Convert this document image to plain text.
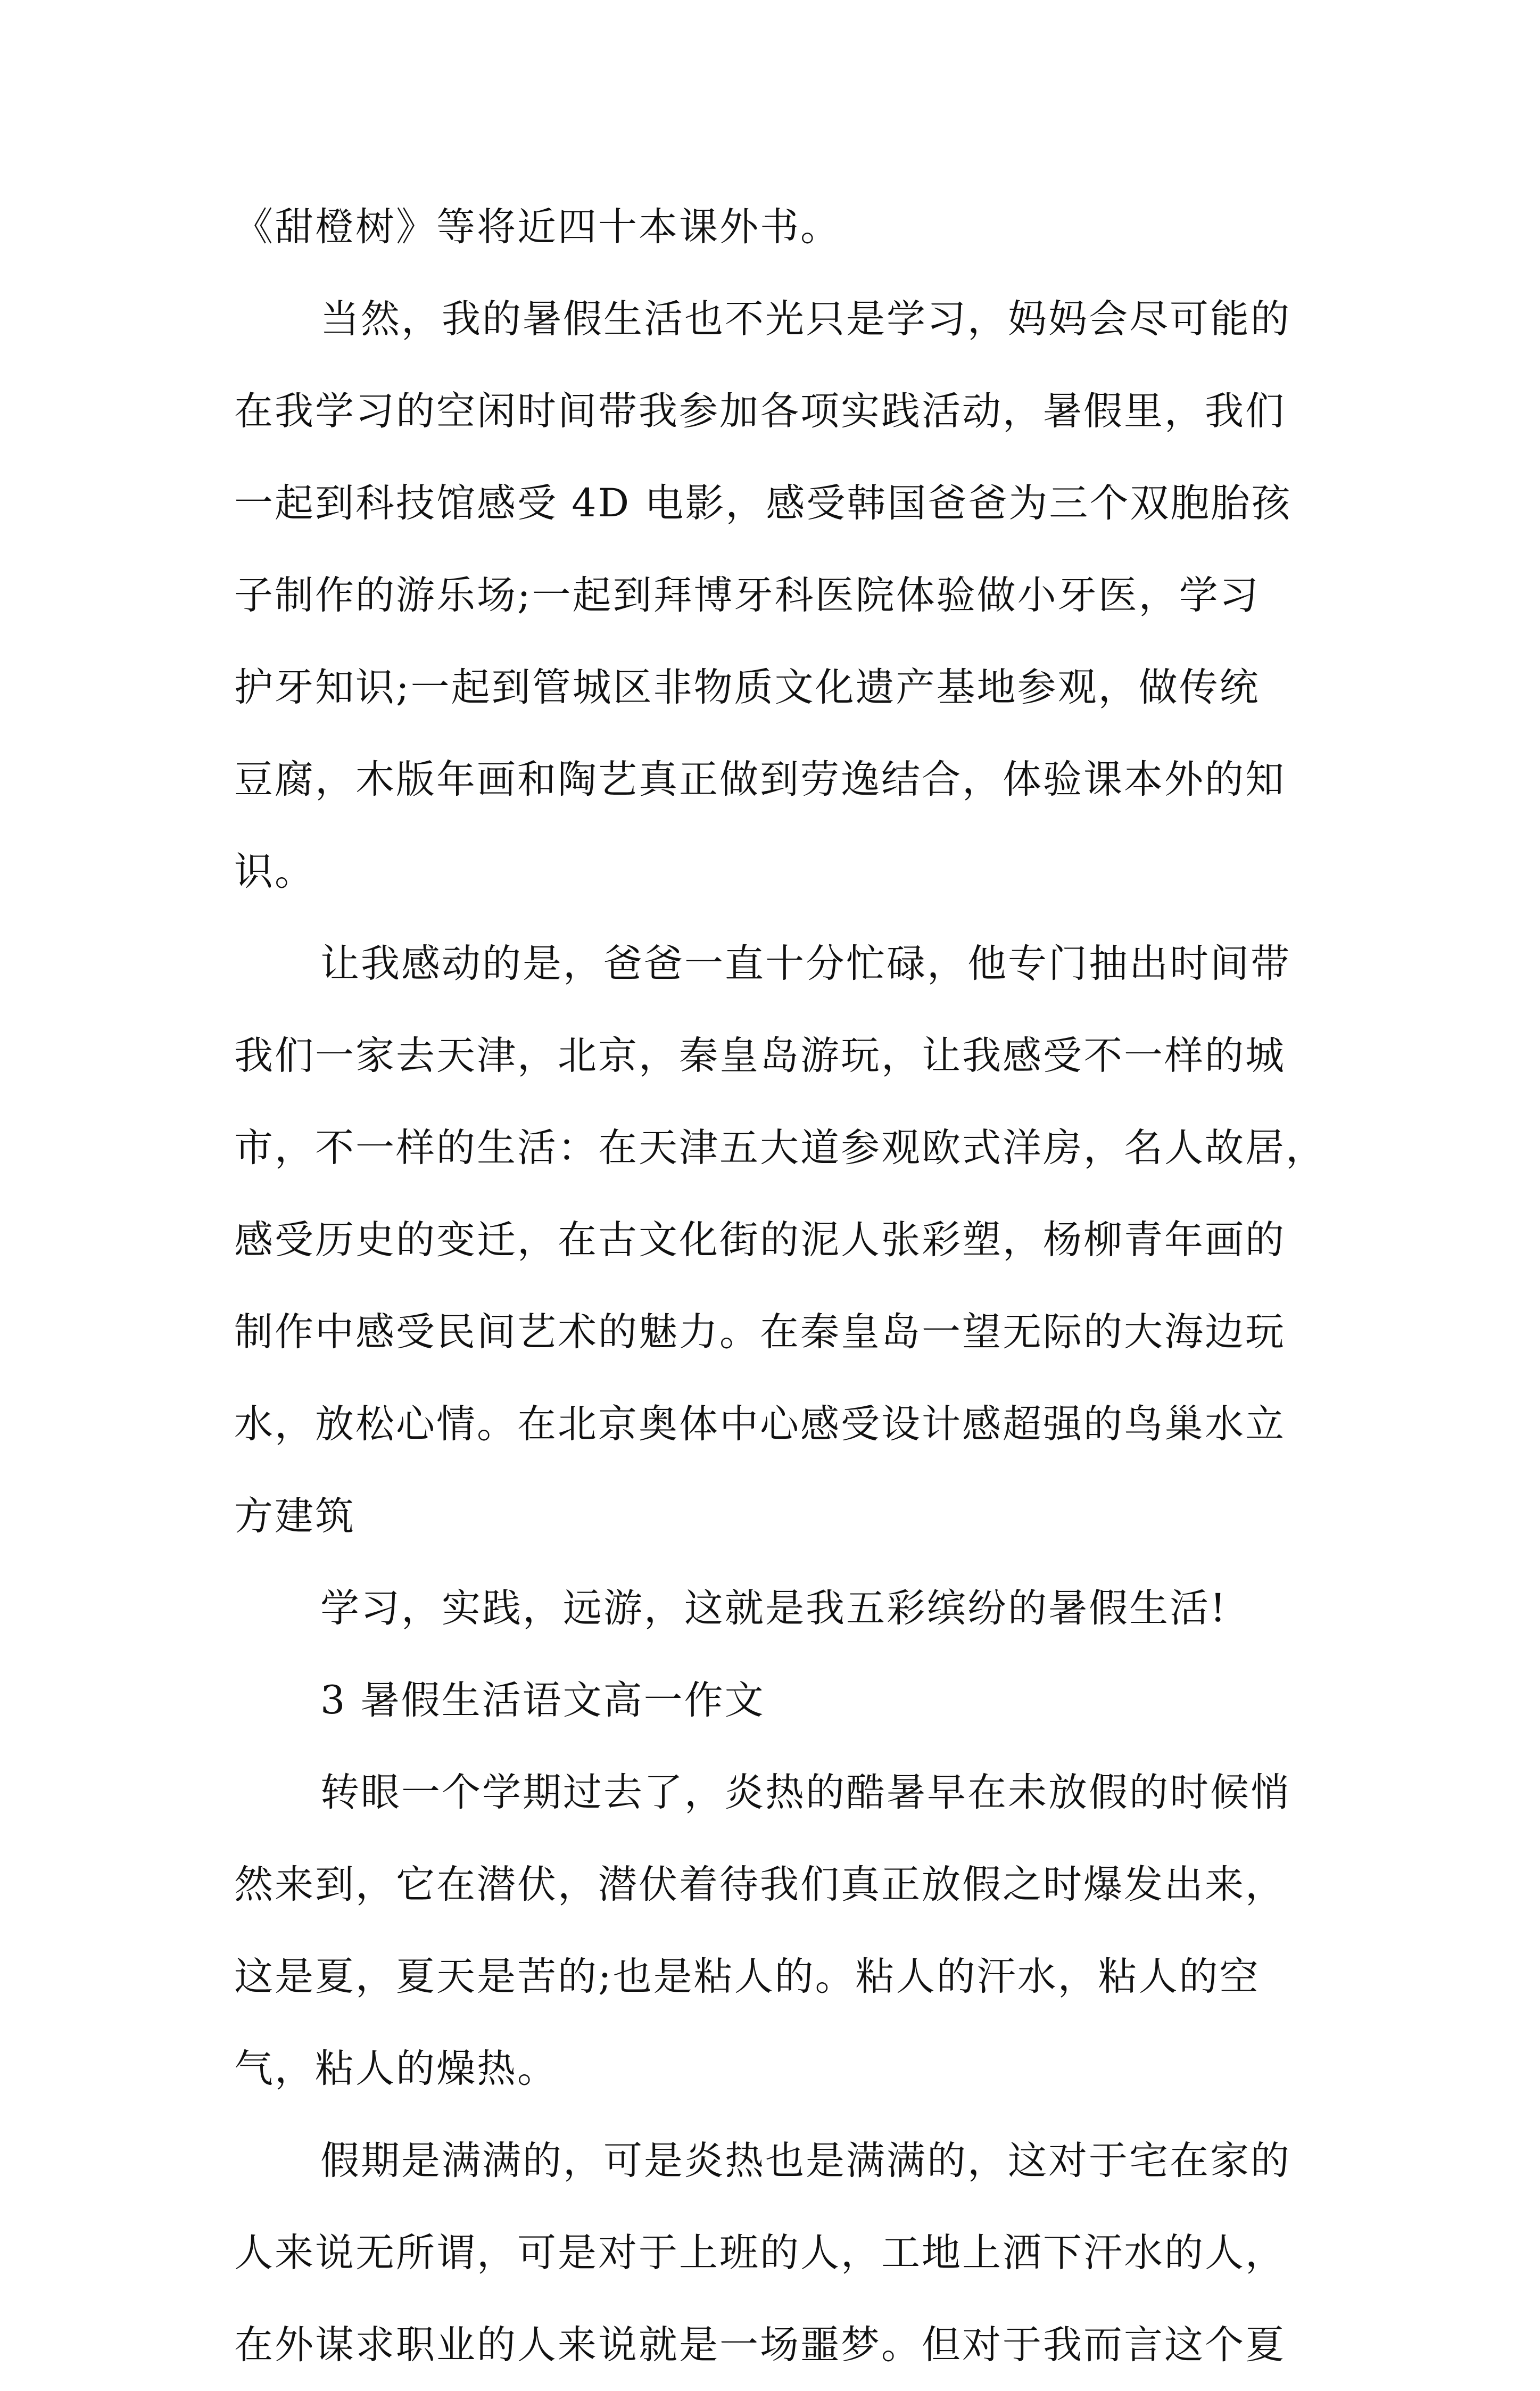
《甜橙树》等将近四十本课外书。
当然，我的暑假生活也不光只是学习，妈妈会尽可能的
在我学习的空闲时间带我参加各项实践活动，暑假里，我们
一起到科技馆感受 4D 电影，感受韩国爸爸为三个双胞胎孩
子制作的游乐场;一起到拜博牙科医院体验做小牙医，学习
护牙知识;一起到管城区非物质文化遗产基地参观，做传统
豆腐，木版年画和陶艺真正做到劳逸结合，体验课本外的知
识。
让我感动的是，爸爸一直十分忙碌，他专门抽出时间带
我们一家去天津，北京，秦皇岛游玩，让我感受不一样的城
市，不一样的生活：在天津五大道参观欧式洋房，名人故居，
感受历史的变迁，在古文化街的泥人张彩塑，杨柳青年画的
制作中感受民间艺术的魅力。在秦皇岛一望无际的大海边玩
水，放松心情。在北京奥体中心感受设计感超强的鸟巢水立
方建筑
学习，实践，远游，这就是我五彩缤纷的暑假生活!
3 暑假生活语文高一作文
转眼一个学期过去了，炎热的酷暑早在未放假的时候悄
然来到，它在潜伏，潜伏着待我们真正放假之时爆发出来，
这是夏，夏天是苦的;也是粘人的。粘人的汗水，粘人的空
气，粘人的燥热。
假期是满满的，可是炎热也是满满的，这对于宅在家的
人来说无所谓，可是对于上班的人，工地上洒下汗水的人，
在外谋求职业的人来说就是一场噩梦。但对于我而言这个夏
